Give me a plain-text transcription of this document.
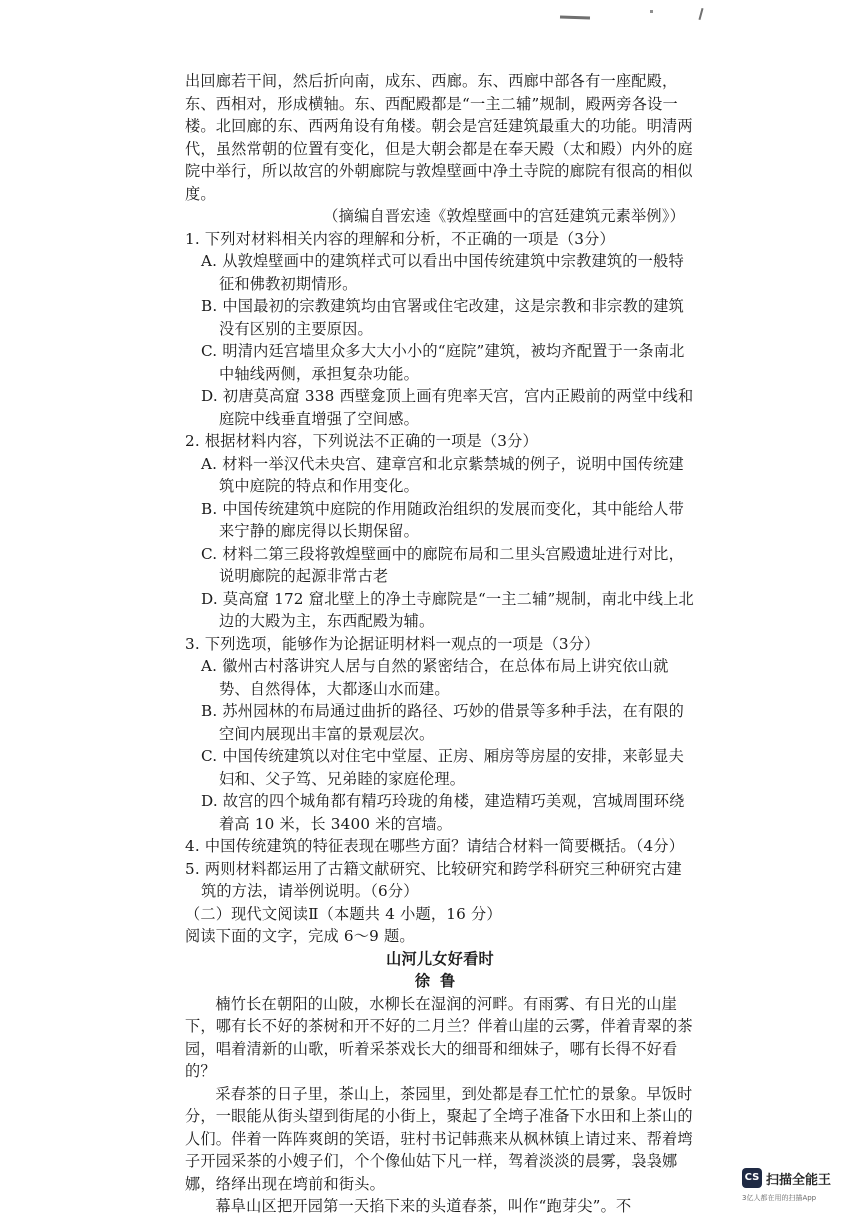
出回廊若干间，然后折向南，成东、西廊。东、西廊中部各有一座配殿，东、西相对，形成横轴。东、西配殿都是“一主二辅”规制，殿两旁各设一楼。北回廊的东、西两角设有角楼。朝会是宫廷建筑最重大的功能。明清两代，虽然常朝的位置有变化，但是大朝会都是在奉天殿（太和殿）内外的庭院中举行，所以故宫的外朝廊院与敦煌壁画中净土寺院的廊院有很高的相似度。

（摘编自晋宏逵《敦煌壁画中的宫廷建筑元素举例》）

1. 下列对材料相关内容的理解和分析，不正确的一项是（3分）

A. 从敦煌壁画中的建筑样式可以看出中国传统建筑中宗教建筑的一般特征和佛教初期情形。

B. 中国最初的宗教建筑均由官署或住宅改建，这是宗教和非宗教的建筑没有区别的主要原因。

C. 明清内廷宫墙里众多大大小小的“庭院”建筑，被均齐配置于一条南北中轴线两侧，承担复杂功能。

D. 初唐莫高窟 338 西壁龛顶上画有兜率天宫，宫内正殿前的两堂中线和庭院中线垂直增强了空间感。

2. 根据材料内容，下列说法不正确的一项是（3分）

A. 材料一举汉代未央宫、建章宫和北京紫禁城的例子，说明中国传统建筑中庭院的特点和作用变化。

B. 中国传统建筑中庭院的作用随政治组织的发展而变化，其中能给人带来宁静的廊庑得以长期保留。

C. 材料二第三段将敦煌壁画中的廊院布局和二里头宫殿遗址进行对比，说明廊院的起源非常古老

D. 莫高窟 172 窟北壁上的净土寺廊院是“一主二辅”规制，南北中线上北边的大殿为主，东西配殿为辅。

3. 下列选项，能够作为论据证明材料一观点的一项是（3分）

A. 徽州古村落讲究人居与自然的紧密结合，在总体布局上讲究依山就势、自然得体，大都逐山水而建。

B. 苏州园林的布局通过曲折的路径、巧妙的借景等多种手法，在有限的空间内展现出丰富的景观层次。

C. 中国传统建筑以对住宅中堂屋、正房、厢房等房屋的安排，来彰显夫妇和、父子笃、兄弟睦的家庭伦理。

D. 故宫的四个城角都有精巧玲珑的角楼，建造精巧美观，宫城周围环绕着高 10 米，长 3400 米的宫墙。

4. 中国传统建筑的特征表现在哪些方面？请结合材料一简要概括。（4分）

5. 两则材料都运用了古籍文献研究、比较研究和跨学科研究三种研究古建筑的方法，请举例说明。（6分）

（二）现代文阅读Ⅱ（本题共 4 小题，16 分）

阅读下面的文字，完成 6～9 题。

山河儿女好看时

徐鲁

楠竹长在朝阳的山陂，水柳长在湿润的河畔。有雨雾、有日光的山崖下，哪有长不好的茶树和开不好的二月兰？伴着山崖的云雾，伴着青翠的茶园，唱着清新的山歌，听着采茶戏长大的细哥和细妹子，哪有长得不好看的？

采春茶的日子里，茶山上，茶园里，到处都是春工忙忙的景象。早饭时分，一眼能从街头望到街尾的小街上，聚起了全塆子准备下水田和上茶山的人们。伴着一阵阵爽朗的笑语，驻村书记韩燕来从枫林镇上请过来、帮着塆子开园采茶的小嫂子们，个个像仙姑下凡一样，驾着淡淡的晨雾，袅袅娜娜，络绎出现在塆前和街头。

幕阜山区把开园第一天掐下来的头道春茶，叫作“跑芽尖”。不

CS 扫描全能王
3亿人都在用的扫描App
